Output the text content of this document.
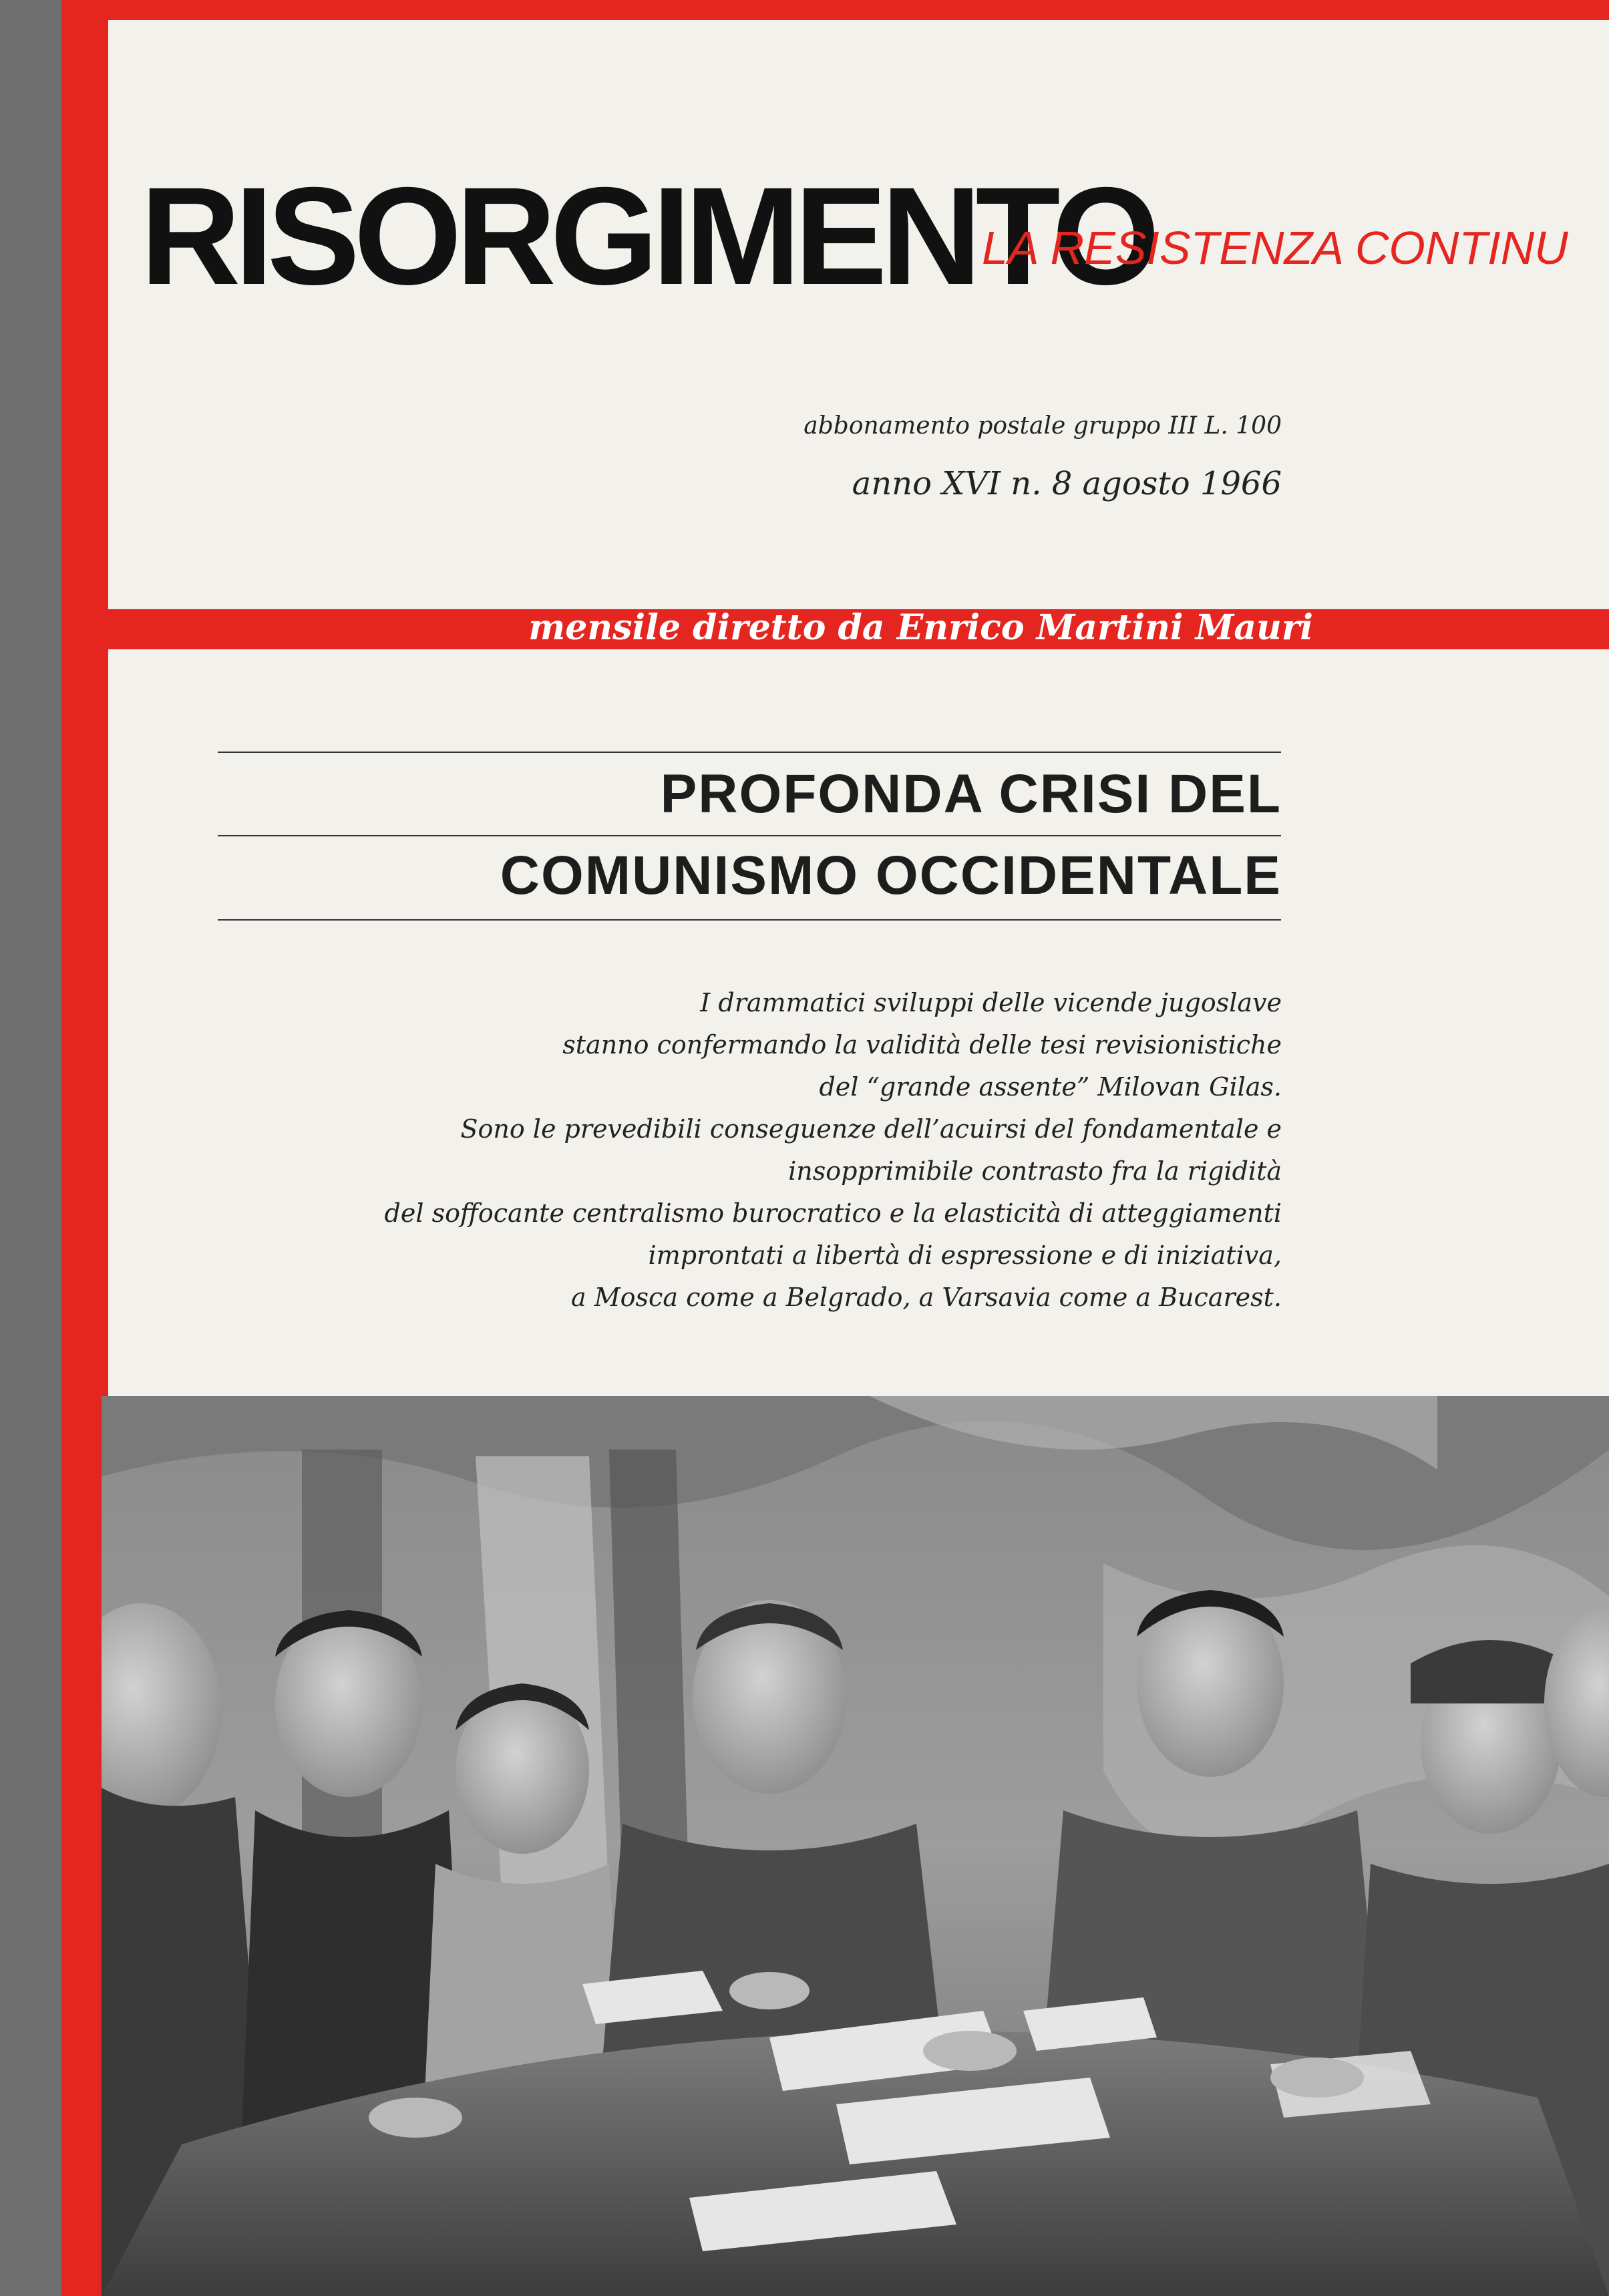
RISORGIMENTO
LA RESISTENZA CONTINU
abbonamento postale gruppo III L. 100
anno XVI n. 8 agosto 1966
mensile diretto da Enrico Martini Mauri
PROFONDA CRISI DEL
COMUNISMO OCCIDENTALE
I drammatici sviluppi delle vicende jugoslave
stanno confermando la validità delle tesi revisionistiche
del “grande assente” Milovan Gilas.
Sono le prevedibili conseguenze dell’acuirsi del fondamentale e
insopprimibile contrasto fra la rigidità
del soffocante centralismo burocratico e la elasticità di atteggiamenti
improntati a libertà di espressione e di iniziativa,
a Mosca come a Belgrado, a Varsavia come a Bucarest.
